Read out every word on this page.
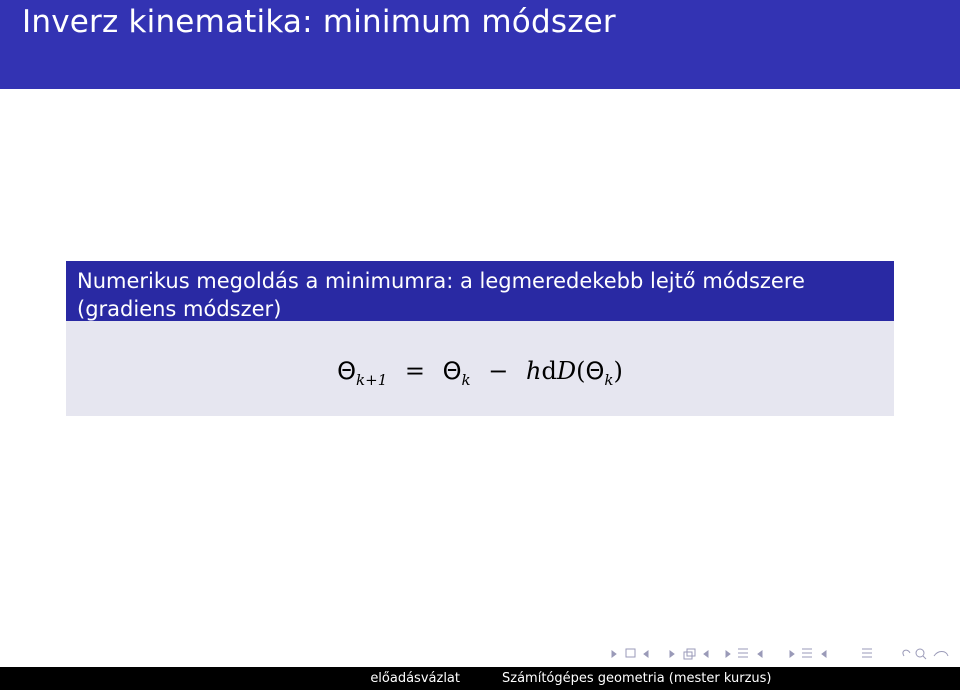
Inverz kinematika: minimum módszer
Numerikus megoldás a minimumra: a legmeredekebb lejtő módszere (gradiens módszer)
$\Theta_{k+1} = \Theta_k - hdD(\Theta_k)$
előadásvázlat	Számítógépes geometria (mester kurzus)
